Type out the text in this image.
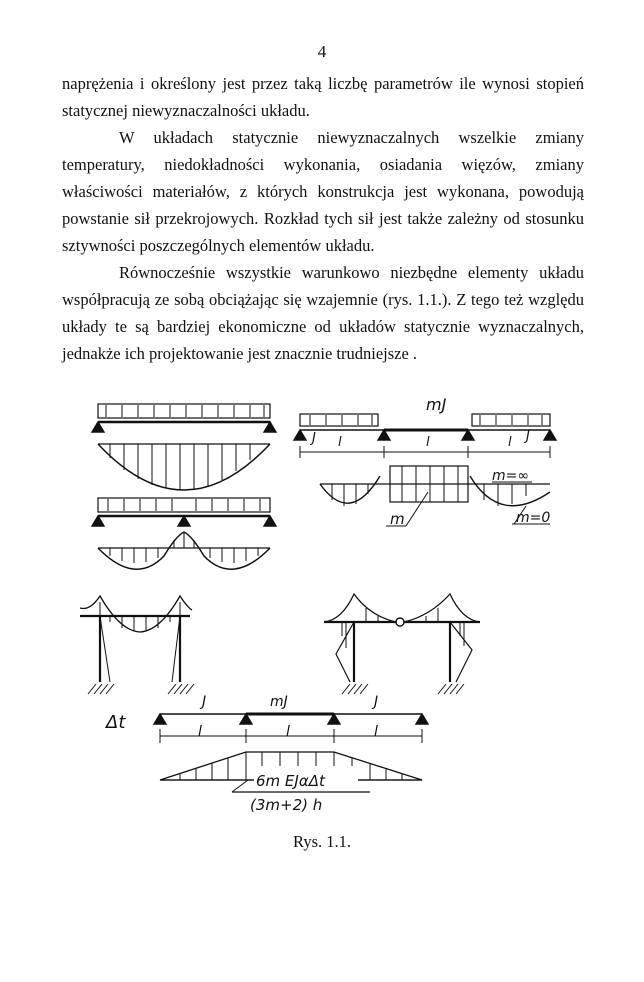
4

naprężenia i określony jest przez taką liczbę parametrów ile wynosi stopień statycznej niewyznaczalności układu.

W układach statycznie niewyznaczalnych wszelkie zmiany temperatury, niedokładności wykonania, osiadania więzów, zmiany właściwości materiałów, z których konstrukcja jest wykonana, powodują powstanie sił przekrojowych. Rozkład tych sił jest także zależny od stosunku sztywności poszczególnych elementów układu.

Równocześnie wszystkie warunkowo niezbędne elementy układu współpracują ze sobą obciążając się wzajemnie (rys. 1.1.). Z tego też względu układy te są bardziej ekonomiczne od układów statycznie wyznaczalnych, jednakże ich projektowanie jest znacznie trudniejsze .

mJ
J l	l	l J
m=∞
m	m=0
Δt
J	mJ	J
l	l	l
6m EJαΔt
(3m+2) h
Rys. 1.1.
